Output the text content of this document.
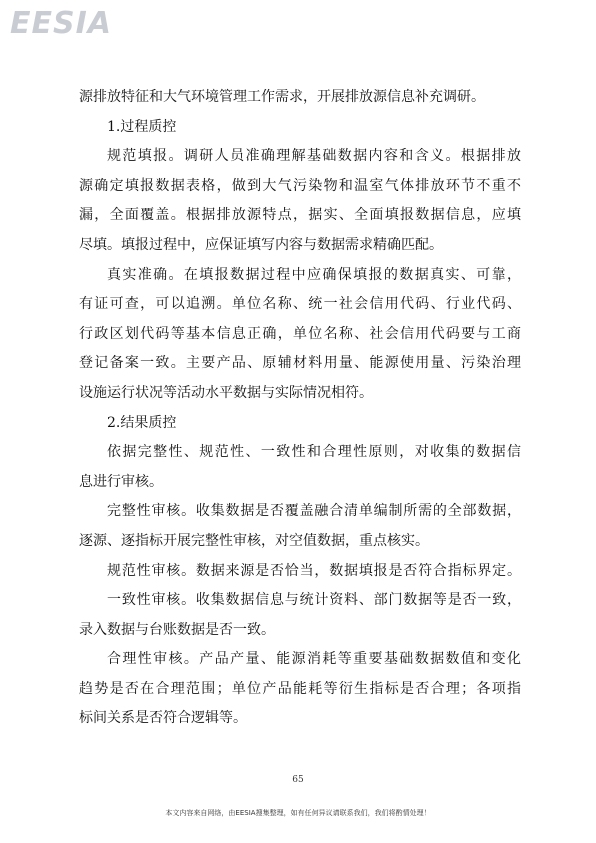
EESIA
源排放特征和大气环境管理工作需求，开展排放源信息补充调研。
1.过程质控
规范填报。调研人员准确理解基础数据内容和含义。根据排放
源确定填报数据表格，做到大气污染物和温室气体排放环节不重不
漏，全面覆盖。根据排放源特点，据实、全面填报数据信息，应填
尽填。填报过程中，应保证填写内容与数据需求精确匹配。
真实准确。在填报数据过程中应确保填报的数据真实、可靠，
有证可查，可以追溯。单位名称、统一社会信用代码、行业代码、
行政区划代码等基本信息正确，单位名称、社会信用代码要与工商
登记备案一致。主要产品、原辅材料用量、能源使用量、污染治理
设施运行状况等活动水平数据与实际情况相符。
2.结果质控
依据完整性、规范性、一致性和合理性原则，对收集的数据信
息进行审核。
完整性审核。收集数据是否覆盖融合清单编制所需的全部数据，
逐源、逐指标开展完整性审核，对空值数据，重点核实。
规范性审核。数据来源是否恰当，数据填报是否符合指标界定。
一致性审核。收集数据信息与统计资料、部门数据等是否一致，
录入数据与台账数据是否一致。
合理性审核。产品产量、能源消耗等重要基础数据数值和变化
趋势是否在合理范围；单位产品能耗等衍生指标是否合理；各项指
标间关系是否符合逻辑等。
65
本文内容来自网络，由EESIA搜集整理，如有任何异议请联系我们，我们将酌情处理！
